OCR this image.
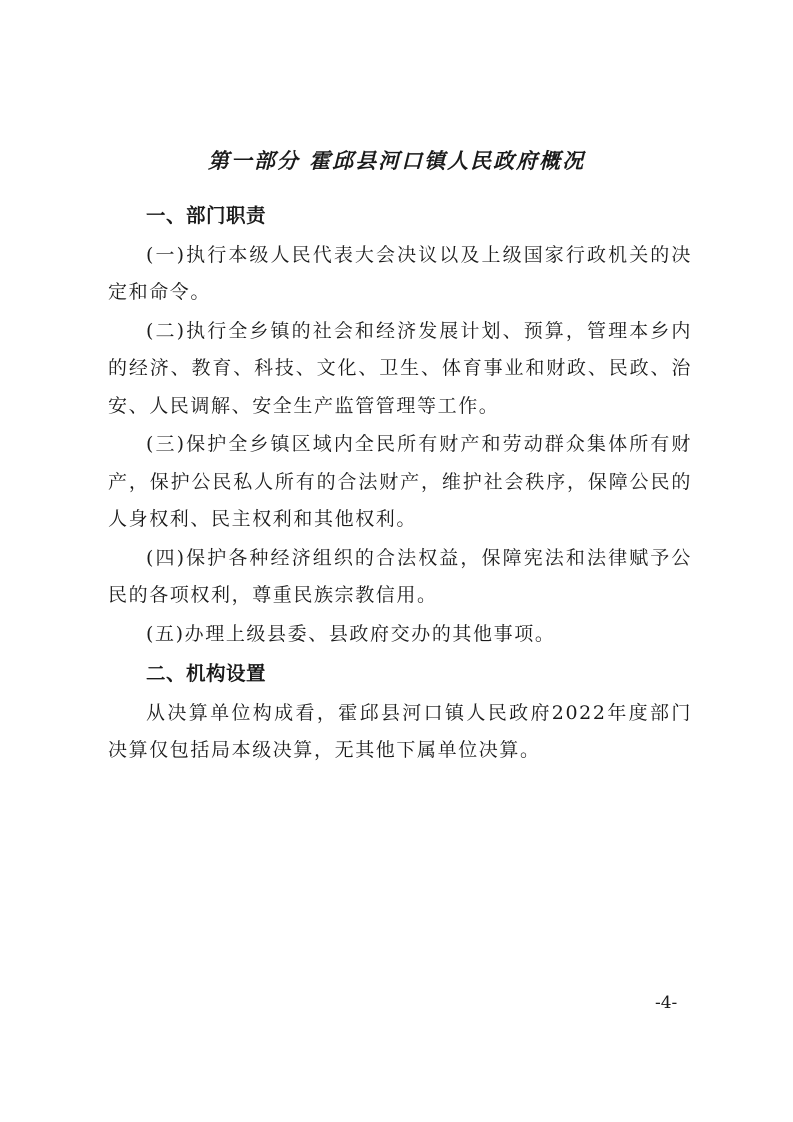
第一部分 霍邱县河口镇人民政府概况
一、部门职责

(一)执行本级人民代表大会决议以及上级国家行政机关的决定和命令。

(二)执行全乡镇的社会和经济发展计划、预算，管理本乡内的经济、教育、科技、文化、卫生、体育事业和财政、民政、治安、人民调解、安全生产监管管理等工作。

(三)保护全乡镇区域内全民所有财产和劳动群众集体所有财产，保护公民私人所有的合法财产，维护社会秩序，保障公民的人身权利、民主权利和其他权利。

(四)保护各种经济组织的合法权益，保障宪法和法律赋予公民的各项权利，尊重民族宗教信用。

(五)办理上级县委、县政府交办的其他事项。

二、机构设置

从决算单位构成看，霍邱县河口镇人民政府2022年度部门决算仅包括局本级决算，无其他下属单位决算。

-4-
